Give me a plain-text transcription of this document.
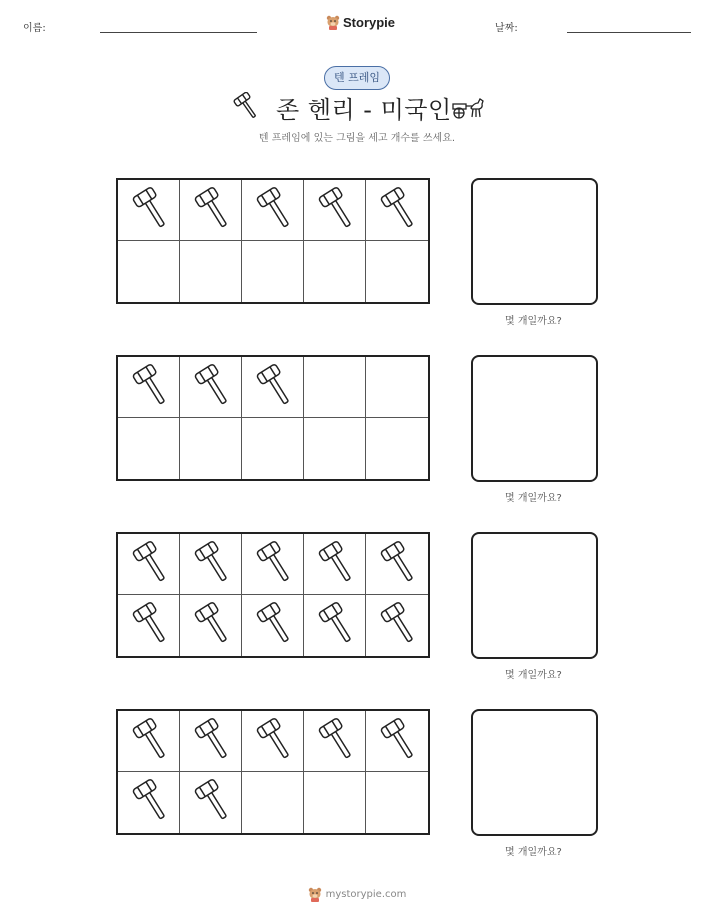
이름:	Storypie	날짜:
텐 프레임
존 헨리 - 미국인
텐 프레임에 있는 그림을 세고 개수를 쓰세요.
몇 개일까요?
몇 개일까요?
몇 개일까요?
몇 개일까요?
mystorypie.com
